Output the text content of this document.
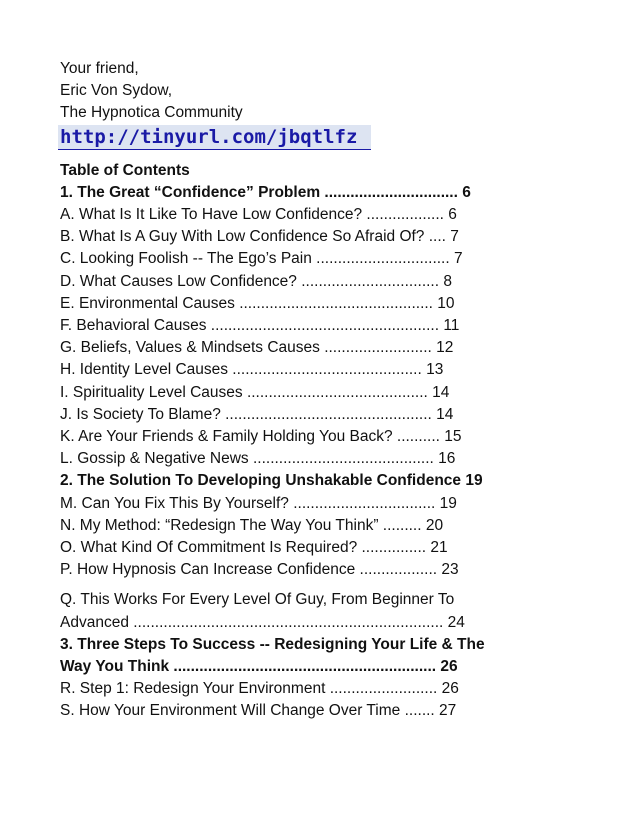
Your friend,
Eric Von Sydow,
The Hypnotica Community
http://tinyurl.com/jbqtlfz
Table of Contents
1. The Great “Confidence” Problem ............................... 6
A. What Is It Like To Have Low Confidence? .................. 6
B. What Is A Guy With Low Confidence So Afraid Of? .... 7
C. Looking Foolish -- The Ego’s Pain ............................... 7
D. What Causes Low Confidence? ................................ 8
E. Environmental Causes ............................................. 10
F. Behavioral Causes ..................................................... 11
G. Beliefs, Values & Mindsets Causes ......................... 12
H. Identity Level Causes ............................................ 13
I. Spirituality Level Causes .......................................... 14
J. Is Society To Blame? ................................................ 14
K. Are Your Friends & Family Holding You Back? .......... 15
L. Gossip & Negative News .......................................... 16
2. The Solution To Developing Unshakable Confidence 19
M. Can You Fix This By Yourself? ................................. 19
N. My Method: “Redesign The Way You Think” ......... 20
O. What Kind Of Commitment Is Required? ............... 21
P. How Hypnosis Can Increase Confidence .................. 23
Q. This Works For Every Level Of Guy, From Beginner To
Advanced ........................................................................ 24
3. Three Steps To Success -- Redesigning Your Life & The
Way You Think ............................................................. 26
R. Step 1: Redesign Your Environment ......................... 26
S. How Your Environment Will Change Over Time ....... 27
